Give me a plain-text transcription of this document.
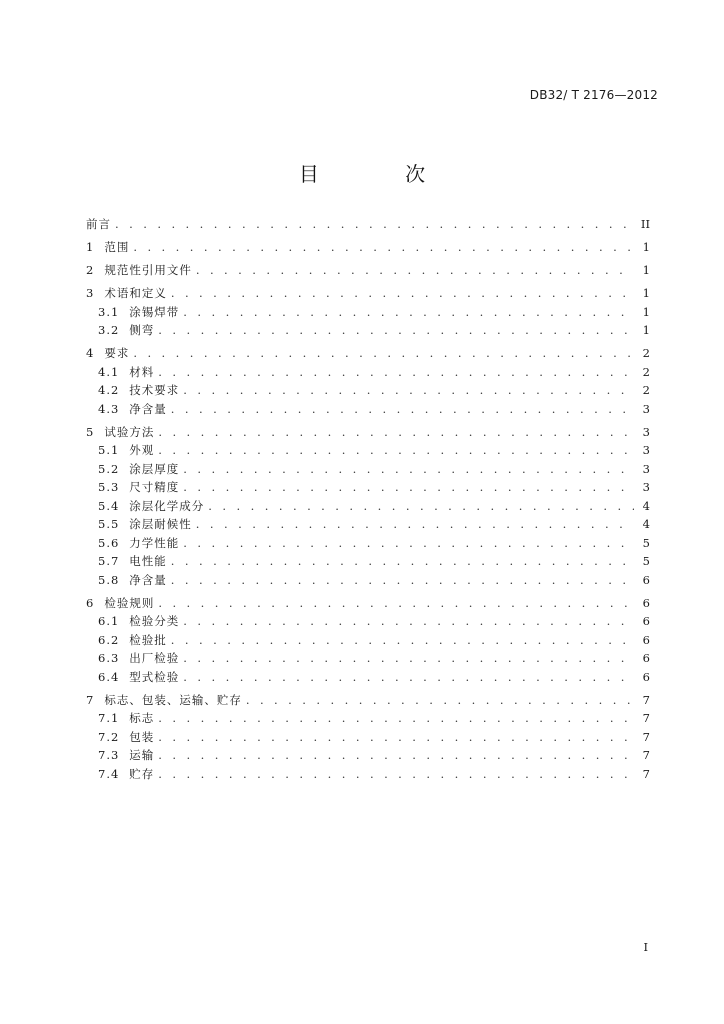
DB32/ T 2176—2012
目 次
前言 . . .	II
1 范围 . . .	1
2 规范性引用文件 . . .	1
3 术语和定义 . . .	1
3.1 涂锡焊带 . . .	1
3.2 侧弯 . . .	1
4 要求 . . .	2
4.1 材料 . . .	2
4.2 技术要求 . . .	2
4.3 净含量 . . .	3
5 试验方法 . . .	3
5.1 外观 . . .	3
5.2 涂层厚度 . . .	3
5.3 尺寸精度 . . .	3
5.4 涂层化学成分 . . .	4
5.5 涂层耐候性 . . .	4
5.6 力学性能 . . .	5
5.7 电性能 . . .	5
5.8 净含量 . . .	6
6 检验规则 . . .	6
6.1 检验分类 . . .	6
6.2 检验批 . . .	6
6.3 出厂检验 . . .	6
6.4 型式检验 . . .	6
7 标志、包装、运输、贮存 . . .	7
7.1 标志 . . .	7
7.2 包装 . . .	7
7.3 运输 . . .	7
7.4 贮存 . . .	7
I
